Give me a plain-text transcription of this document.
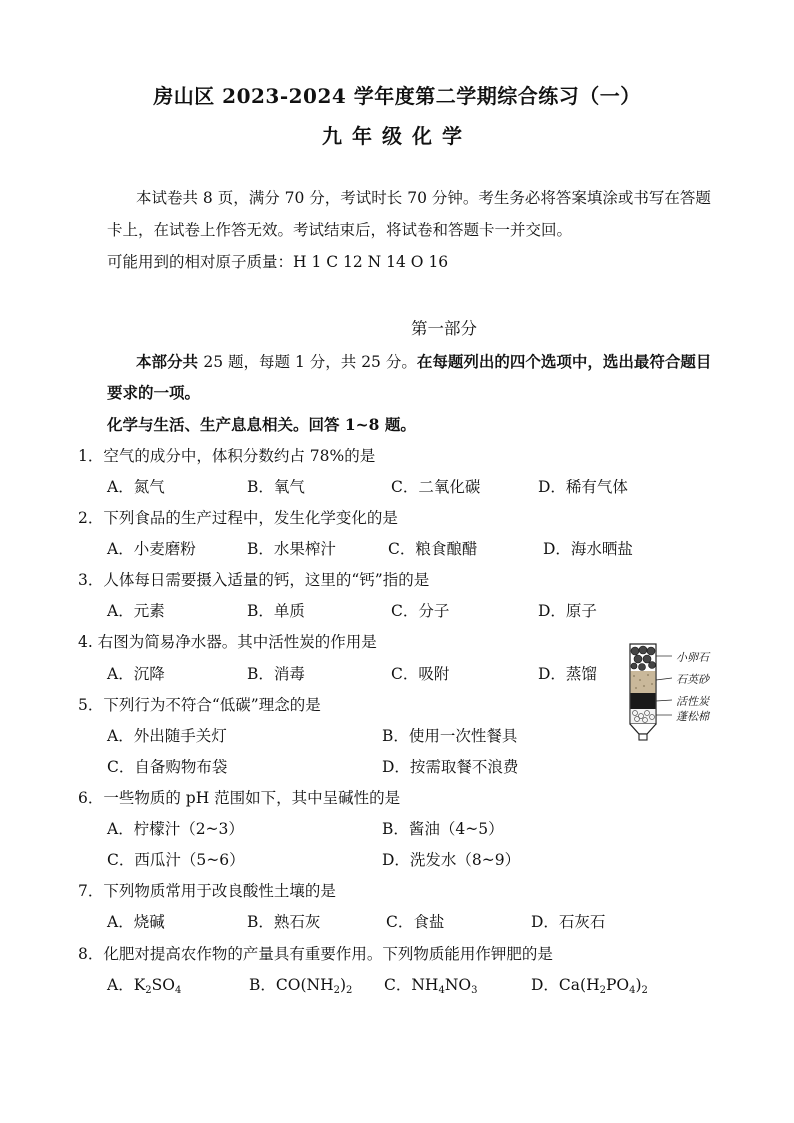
房山区 2023-2024 学年度第二学期综合练习（一）
九年级化学
本试卷共 8 页，满分 70 分，考试时长 70 分钟。考生务必将答案填涂或书写在答题
卡上，在试卷上作答无效。考试结束后，将试卷和答题卡一并交回。
可能用到的相对原子质量：H 1 C 12 N 14 O 16
第一部分
本部分共 25 题，每题 1 分，共 25 分。在每题列出的四个选项中，选出最符合题目
要求的一项。
化学与生活、生产息息相关。回答 1~8 题。
1．空气的成分中，体积分数约占 78%的是
A．氮气	B．氧气	C．二氧化碳	D．稀有气体
2．下列食品的生产过程中，发生化学变化的是
A．小麦磨粉	B．水果榨汁	C．粮食酿醋	D．海水晒盐
3．人体每日需要摄入适量的钙，这里的“钙”指的是
A．元素	B．单质	C．分子	D．原子
4. 右图为简易净水器。其中活性炭的作用是
A．沉降	B．消毒	C．吸附	D．蒸馏
小卵石
石英砂
活性炭
蓬松棉
5．下列行为不符合“低碳”理念的是
A．外出随手关灯	B．使用一次性餐具
C．自备购物布袋	D．按需取餐不浪费
6．一些物质的 pH 范围如下，其中呈碱性的是
A．柠檬汁（2~3）	B．酱油（4~5）
C．西瓜汁（5~6）	D．洗发水（8~9）
7．下列物质常用于改良酸性土壤的是
A．烧碱	B．熟石灰	C．食盐	D．石灰石
8．化肥对提高农作物的产量具有重要作用。下列物质能用作钾肥的是
A．$K_2SO_4$	B．$CO(NH_2)_2$ C．$NH_4NO_3$	D．$Ca(H_2PO_4)_2$
